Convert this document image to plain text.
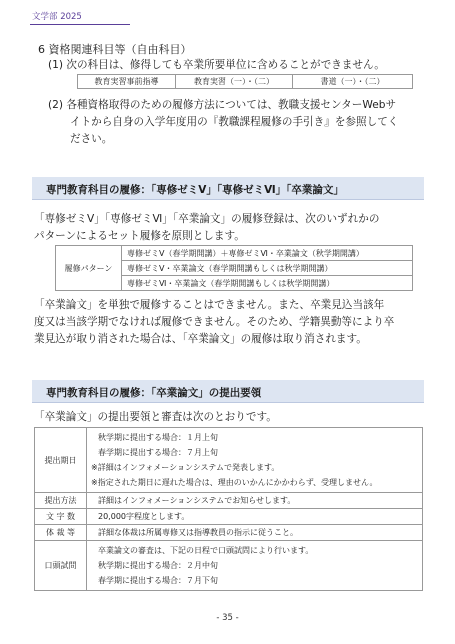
文学部 2025
6 資格関連科目等（自由科目）
(1) 次の科目は、修得しても卒業所要単位に含めることができません。
教育実習事前指導	教育実習（一）・（二）	書道（一）・（二）
(2) 各種資格取得のための履修方法については、教職支援センターWebサ
イトから自身の入学年度用の『教職課程履修の手引き』を参照してく
ださい。
専門教育科目の履修：「専修ゼミⅤ」「専修ゼミⅥ」「卒業論文」
「専修ゼミⅤ」「専修ゼミⅥ」「卒業論文」の履修登録は、次のいずれかの
パターンによるセット履修を原則とします。
履修パターン	専修ゼミⅤ（春学期開講）＋専修ゼミⅥ・卒業論文（秋学期開講）
専修ゼミⅤ・卒業論文（春学期開講もしくは秋学期開講）
専修ゼミⅥ・卒業論文（春学期開講もしくは秋学期開講）
「卒業論文」を単独で履修することはできません。また、卒業見込当該年
度又は当該学期でなければ履修できません。そのため、学籍異動等により卒
業見込が取り消された場合は、「卒業論文」の履修は取り消されます。
専門教育科目の履修：「卒業論文」の提出要領
「卒業論文」の提出要領と審査は次のとおりです。
提出期日	秋学期に提出する場合：１月上旬
春学期に提出する場合：７月上旬
※詳細はインフォメーションシステムで発表します。
※指定された期日に遅れた場合は、理由のいかんにかかわらず、受理しません。

提出方法	詳細はインフォメーションシステムでお知らせします。
文 字 数	20,000字程度とします。
体 裁 等	詳細な体裁は所属専修又は指導教員の指示に従うこと。
口頭試問	卒業論文の審査は、下記の日程で口頭試問により行います。
秋学期に提出する場合：２月中旬
春学期に提出する場合：７月下旬
- 35 -
